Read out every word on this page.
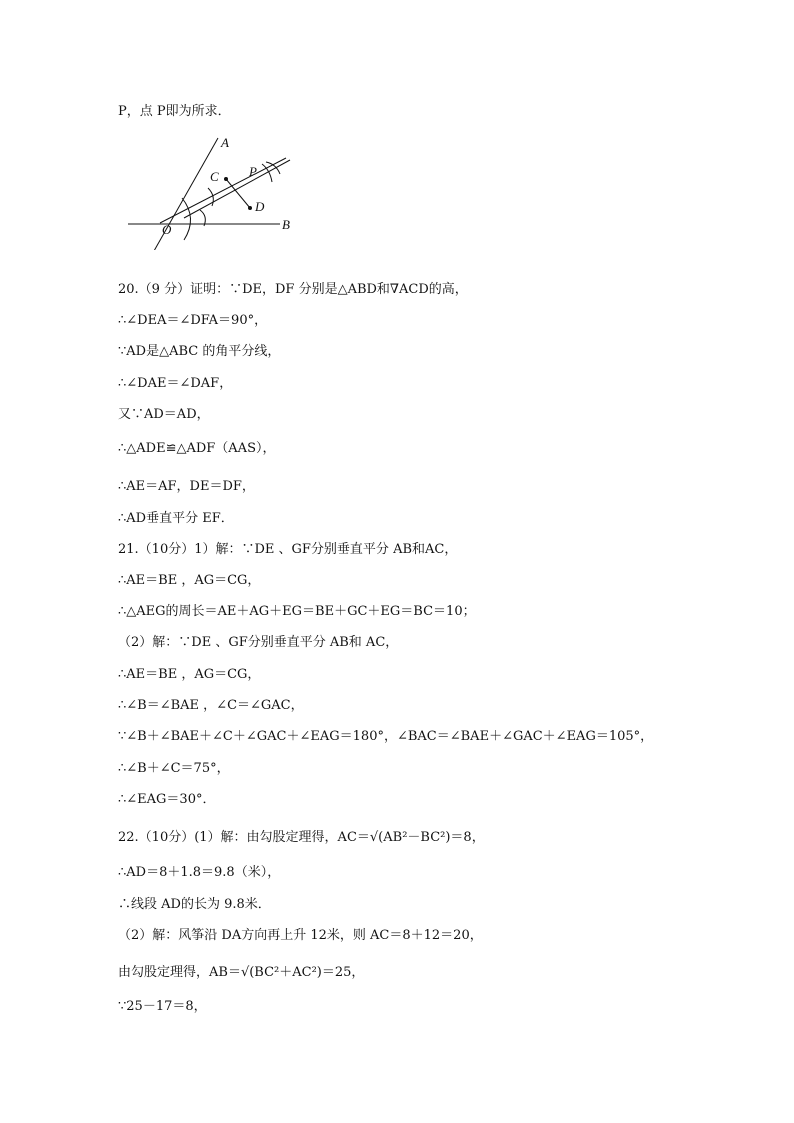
P，点 P即为所求．
A
B
C
D
O
P
20.（9 分）证明：∵DE，DF 分别是△ABD和∇ACD的高，
∴∠DEA＝∠DFA＝90°，
∵AD是△ABC 的角平分线，
∴∠DAE＝∠DAF，
又∵AD＝AD，
∴△ADE≌△ADF（AAS），
∴AE＝AF，DE＝DF，
∴AD垂直平分 EF．
21.（10分）1）解：∵DE 、GF分别垂直平分 AB和AC，
∴AE＝BE ，AG＝CG，
∴△AEG的周长＝AE＋AG＋EG＝BE＋GC＋EG＝BC＝10；
（2）解：∵DE 、GF分别垂直平分 AB和 AC，
∴AE＝BE ，AG＝CG，
∴∠B＝∠BAE ，∠C＝∠GAC，
∵∠B＋∠BAE＋∠C＋∠GAC＋∠EAG＝180°，∠BAC＝∠BAE＋∠GAC＋∠EAG＝105°，
∴∠B＋∠C＝75°，
∴∠EAG＝30°．
22.（10分）(1）解：由勾股定理得，AC＝√(AB²－BC²)＝8，
∴AD＝8＋1.8＝9.8（米），
∴线段 AD的长为 9.8米．
（2）解：风筝沿 DA方向再上升 12米，则 AC＝8＋12＝20，
由勾股定理得，AB＝√(BC²＋AC²)＝25，
∵25－17＝8，
